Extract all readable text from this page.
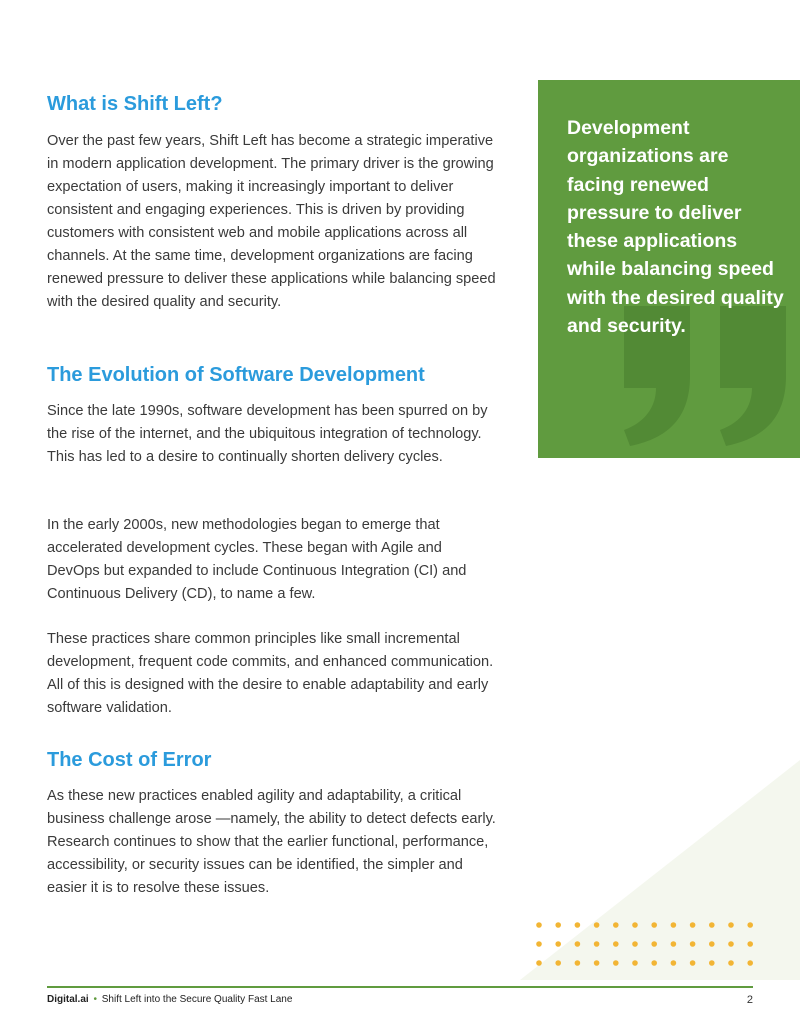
What is Shift Left?

Over the past few years, Shift Left has become a strategic imperative in modern application development. The primary driver is the growing expectation of users, making it increasingly important to deliver consistent and engaging experiences. This is driven by providing customers with consistent web and mobile applications across all channels. At the same time, development organizations are facing renewed pressure to deliver these applications while balancing speed with the desired quality and security.

The Evolution of Software Development

Since the late 1990s, software development has been spurred on by the rise of the internet, and the ubiquitous integration of technology. This has led to a desire to continually shorten delivery cycles.

In the early 2000s, new methodologies began to emerge that accelerated development cycles. These began with Agile and DevOps but expanded to include Continuous Integration (CI) and Continuous Delivery (CD), to name a few.

These practices share common principles like small incremental development, frequent code commits, and enhanced communication. All of this is designed with the desire to enable adaptability and early software validation.

The Cost of Error

As these new practices enabled agility and adaptability, a critical business challenge arose —namely, the ability to detect defects early. Research continues to show that the earlier functional, performance, accessibility, or security issues can be identified, the simpler and easier it is to resolve these issues.

Development organizations are facing renewed pressure to deliver these applications while balancing speed with the desired quality and security.
Digital.ai • Shift Left into the Secure Quality Fast Lane	2
